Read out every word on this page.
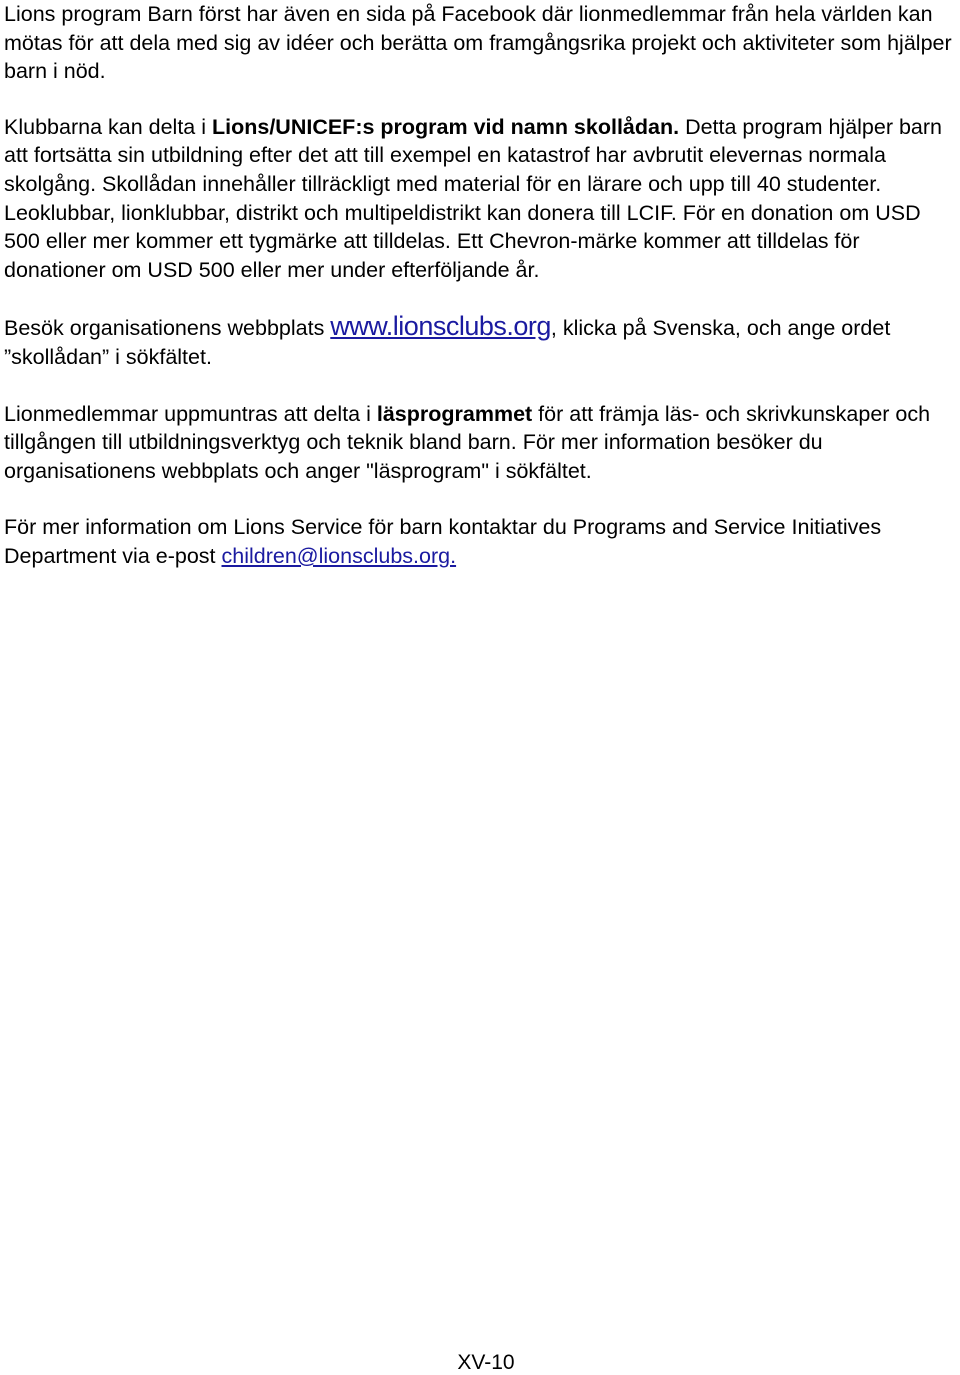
Lions program Barn först har även en sida på Facebook där lionmedlemmar från hela världen kan mötas för att dela med sig av idéer och berätta om framgångsrika projekt och aktiviteter som hjälper barn i nöd.

Klubbarna kan delta i Lions/UNICEF:s program vid namn skollådan. Detta program hjälper barn att fortsätta sin utbildning efter det att till exempel en katastrof har avbrutit elevernas normala skolgång. Skollådan innehåller tillräckligt med material för en lärare och upp till 40 studenter. Leoklubbar, lionklubbar, distrikt och multipeldistrikt kan donera till LCIF. För en donation om USD 500 eller mer kommer ett tygmärke att tilldelas. Ett Chevron-märke kommer att tilldelas för donationer om USD 500 eller mer under efterföljande år.

Besök organisationens webbplats www.lionsclubs.org, klicka på Svenska, och ange ordet ”skollådan” i sökfältet.

Lionmedlemmar uppmuntras att delta i läsprogrammet för att främja läs- och skrivkunskaper och tillgången till utbildningsverktyg och teknik bland barn. För mer information besöker du organisationens webbplats och anger "läsprogram" i sökfältet.

För mer information om Lions Service för barn kontaktar du Programs and Service Initiatives Department via e-post children@lionsclubs.org.

XV-10
